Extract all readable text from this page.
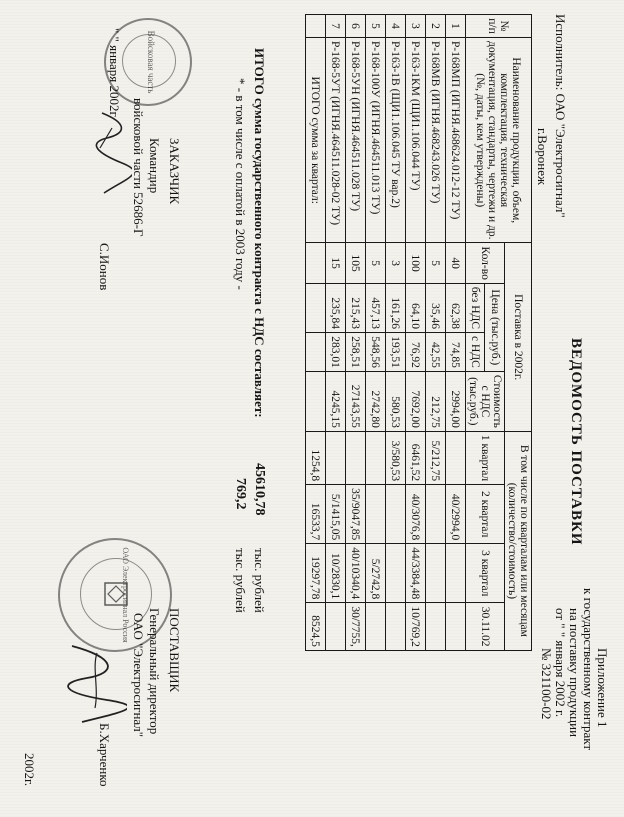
Приложение 1
к государственному контракт
на поставку продукции
от " " января 2002 г.
№ 321100-02
ВЕДОМОСТЬ ПОСТАВКИ
Исполнитель: ОАО "Электросигнал"
г.Воронеж
№
п/п	Наименование продукции, объем,
комплектация, техническая
документация, стандарты, чертежи и др.
(№, даты, кем утверждены)	Поставка в 2002г.				В том числе по кварталам или месяцам
(количество/стоимость)			
		Кол-во	Цена (тыс.руб.)		Стоимость
с НДС
(тыс.руб.)	1 квартал	2 квартал	3 квартал	30.11.02
			без НДС	с НДС					
1	Р-168МП (ИГНЯ.468624.012-12 ТУ)	40	62,38	74,85	2994,00		40/2994,0		
2	Р-168МВ (ИГНЯ.468243.026 ТУ)	5	35,46	42,55	212,75	5/212,75			
3	Р-163-1КМ (ЩИ1.106.044 ТУ)	100	64,10	76,92	7692,00	6461,52	40/3076,8	44/3384,48	10/769,2
4	Р-163-1В (ЩИ1.106.045 ТУ вар.2)	3	161,26	193,51	580,53	3/580,53			
5	Р-168-100У (ИГНЯ.464511.013 ТУ)	5	457,13	548,56	2742,80			5/2742,8	
6	Р-168-5УН (ИГНЯ.464511.028 ТУ)	105	215,43	258,51	27143,55		35/9047,85	40/10340,4	30/7755,
7	Р-168-5УТ (ИГНЯ.464511.028-02 ТУ)	15	235,84	283,01	4245,15		5/1415,05	10/2830,1	
	ИТОГО сумма за квартал:					1254,8	16533,7	19297,78	8524,5
ИТОГО сумма государственного контракта с НДС составляет:
45610,78
тыс. рублей
* - в том числе с оплатой в 2003 году -
769,2
тыс. рублей
ЗАКАЗЧИК
Командир
войсковой части 52686-Г
С.Ионов
" " января 2002г.	Войсковая часть
ПОСТАВЩИК
Генеральный директор
ОАО "Электросигнал"
Б.Харченко
2002г.
ОАО Электросигнал Россия
